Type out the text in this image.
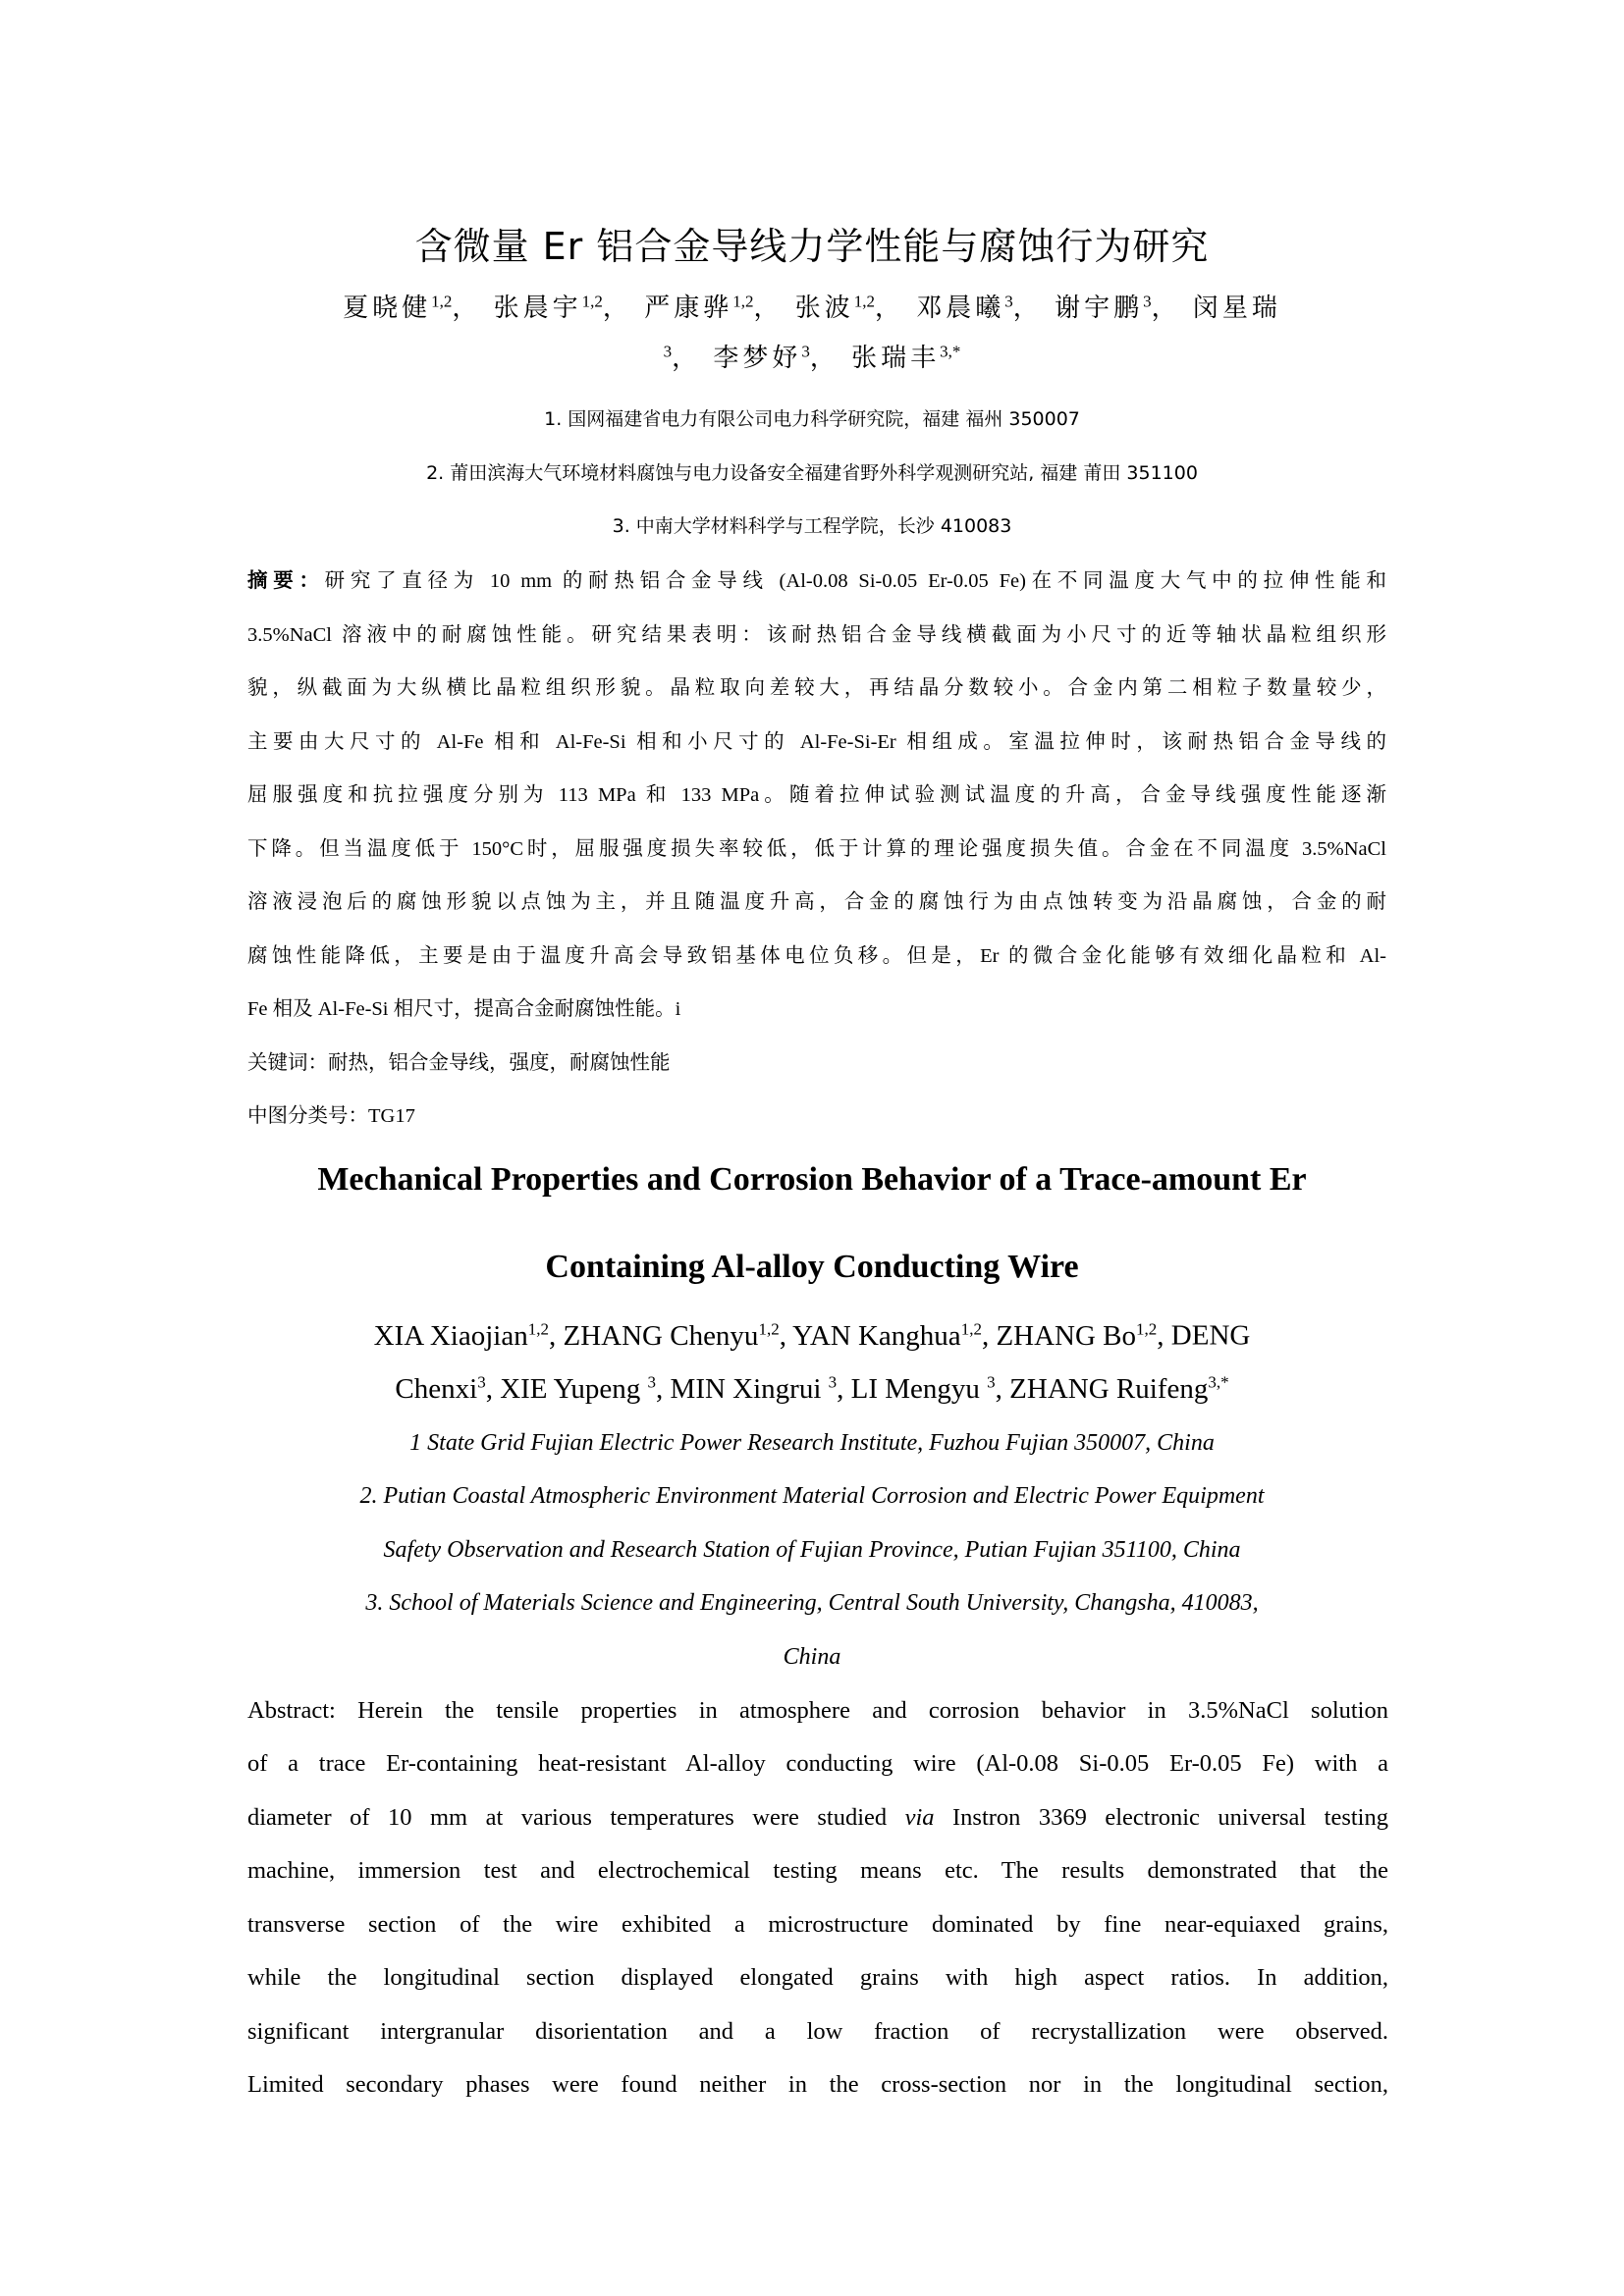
含微量 Er 铝合金导线力学性能与腐蚀行为研究
夏晓健$^{1,2}$， 张晨宇$^{1,2}$， 严康骅$^{1,2}$， 张波$^{1,2}$， 邓晨曦$^3$， 谢宇鹏$^3$， 闵星瑞
$^3$， 李梦妤$^3$， 张瑞丰$^{3,*}$
1. 国网福建省电力有限公司电力科学研究院，福建 福州 350007
2. 莆田滨海大气环境材料腐蚀与电力设备安全福建省野外科学观测研究站, 福建 莆田 351100
3. 中南大学材料科学与工程学院，长沙 410083
摘要：研究了直径为 10 mm 的耐热铝合金导线 (Al-0.08 Si-0.05 Er-0.05 Fe)在不同温度大气中的拉伸性能和
3.5%NaCl 溶液中的耐腐蚀性能。研究结果表明：该耐热铝合金导线横截面为小尺寸的近等轴状晶粒组织形
貌，纵截面为大纵横比晶粒组织形貌。晶粒取向差较大，再结晶分数较小。合金内第二相粒子数量较少，
主要由大尺寸的 Al-Fe 相和 Al-Fe-Si 相和小尺寸的 Al-Fe-Si-Er 相组成。室温拉伸时，该耐热铝合金导线的
屈服强度和抗拉强度分别为 113 MPa 和 133 MPa。随着拉伸试验测试温度的升高，合金导线强度性能逐渐
下降。但当温度低于 150°C时，屈服强度损失率较低，低于计算的理论强度损失值。合金在不同温度 3.5%NaCl
溶液浸泡后的腐蚀形貌以点蚀为主，并且随温度升高，合金的腐蚀行为由点蚀转变为沿晶腐蚀，合金的耐
腐蚀性能降低，主要是由于温度升高会导致铝基体电位负移。但是，Er 的微合金化能够有效细化晶粒和 Al-
Fe 相及 Al-Fe-Si 相尺寸，提高合金耐腐蚀性能。i
关键词：耐热，铝合金导线，强度，耐腐蚀性能
中图分类号：TG17
Mechanical Properties and Corrosion Behavior of a Trace-amount Er
Containing Al-alloy Conducting Wire
XIA Xiaojian$^{1,2}$, ZHANG Chenyu$^{1,2}$, YAN Kanghua$^{1,2}$, ZHANG Bo$^{1,2}$, DENG
Chenxi$^3$, XIE Yupeng $^3$, MIN Xingrui $^3$, LI Mengyu $^3$, ZHANG Ruifeng$^{3,*}$
1 State Grid Fujian Electric Power Research Institute, Fuzhou Fujian 350007, China
2. Putian Coastal Atmospheric Environment Material Corrosion and Electric Power Equipment
Safety Observation and Research Station of Fujian Province, Putian Fujian 351100, China
3. School of Materials Science and Engineering, Central South University, Changsha, 410083,
China
Abstract: Herein the tensile properties in atmosphere and corrosion behavior in 3.5%NaCl solution
of a trace Er-containing heat-resistant Al-alloy conducting wire (Al-0.08 Si-0.05 Er-0.05 Fe) with a
diameter of 10 mm at various temperatures were studied via Instron 3369 electronic universal testing
machine, immersion test and electrochemical testing means etc. The results demonstrated that the
transverse section of the wire exhibited a microstructure dominated by fine near-equiaxed grains,
while the longitudinal section displayed elongated grains with high aspect ratios. In addition,
significant intergranular disorientation and a low fraction of recrystallization were observed.
Limited secondary phases were found neither in the cross-section nor in the longitudinal section,
